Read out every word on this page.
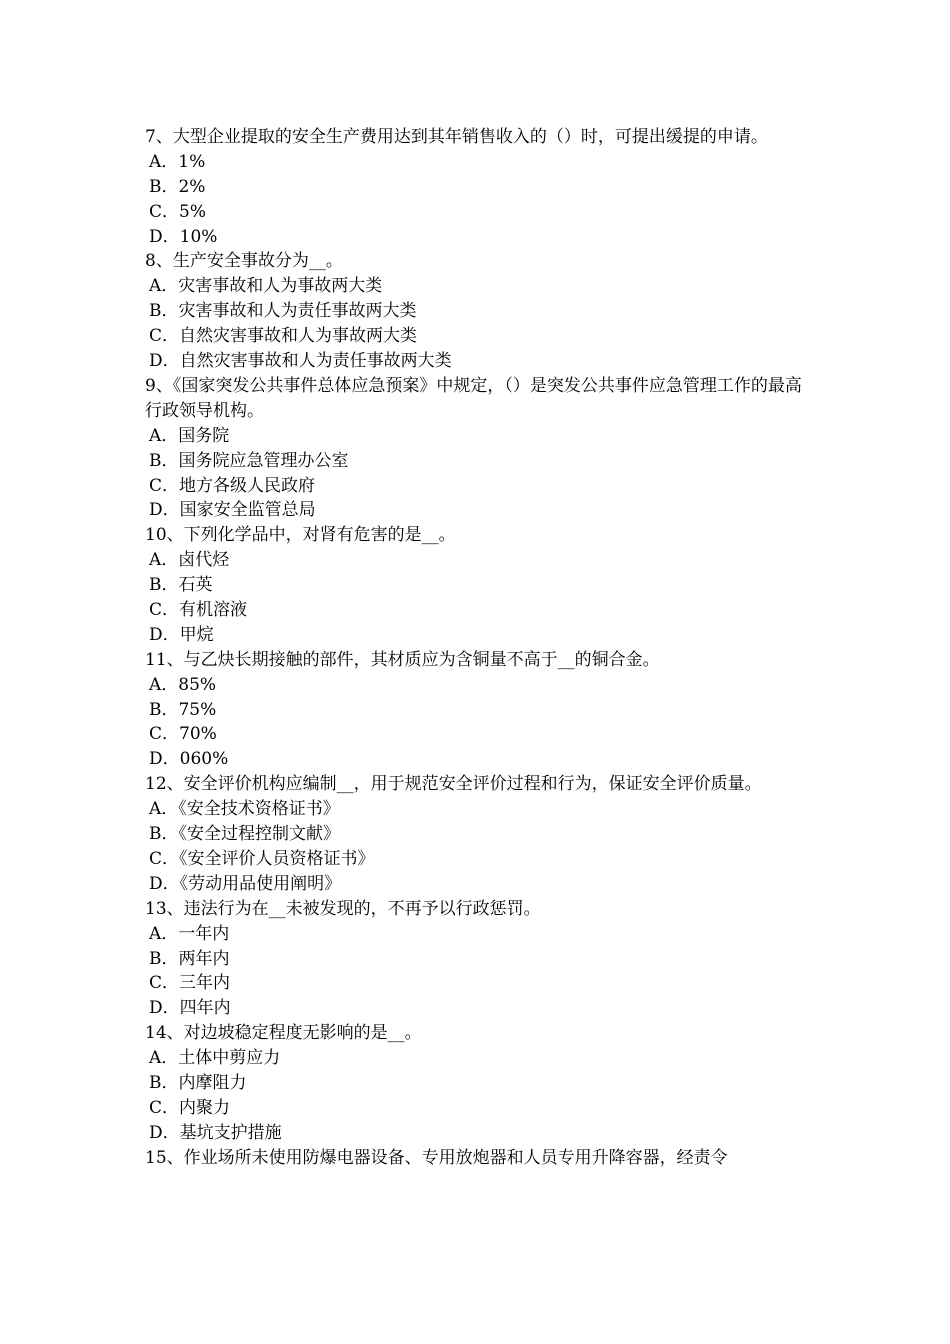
7、大型企业提取的安全生产费用达到其年销售收入的（）时，可提出缓提的申请。
A．1%
B．2%
C．5%
D．10%
8、生产安全事故分为__。
A．灾害事故和人为事故两大类
B．灾害事故和人为责任事故两大类
C．自然灾害事故和人为事故两大类
D．自然灾害事故和人为责任事故两大类
9、《国家突发公共事件总体应急预案》中规定，（）是突发公共事件应急管理工作的最高行政领导机构。
A．国务院
B．国务院应急管理办公室
C．地方各级人民政府
D．国家安全监管总局
10、下列化学品中，对肾有危害的是__。
A．卤代烃
B．石英
C．有机溶液
D．甲烷
11、与乙炔长期接触的部件，其材质应为含铜量不高于__的铜合金。
A．85%
B．75%
C．70%
D．060%
12、安全评价机构应编制__，用于规范安全评价过程和行为，保证安全评价质量。
A．《安全技术资格证书》
B．《安全过程控制文献》
C．《安全评价人员资格证书》
D．《劳动用品使用阐明》
13、违法行为在__未被发现的，不再予以行政惩罚。
A．一年内
B．两年内
C．三年内
D．四年内
14、对边坡稳定程度无影响的是__。
A．土体中剪应力
B．内摩阻力
C．内聚力
D．基坑支护措施
15、作业场所未使用防爆电器设备、专用放炮器和人员专用升降容器，经责令
